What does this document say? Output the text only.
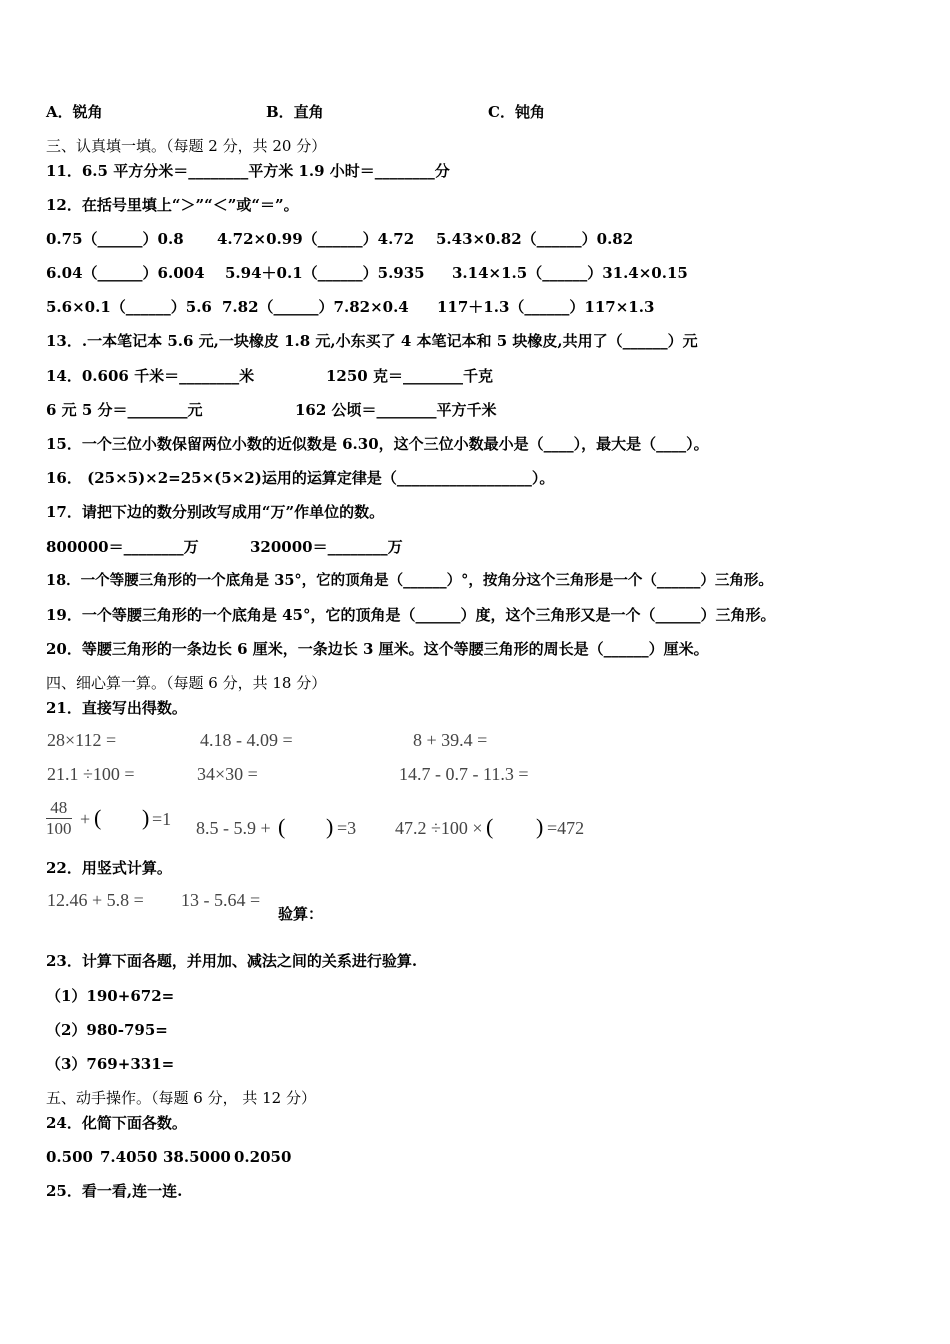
A．锐角	B．直角	C．钝角
三、认真填一填。（每题 2 分，共 20 分）
11．6.5 平方分米＝________平方米 1.9 小时＝________分
12．在括号里填上“＞”“＜”或“＝”。
0.75（______）0.8 4.72×0.99（______）4.72 5.43×0.82（______）0.82
6.04（______）6.004 5.94＋0.1（______）5.935 3.14×1.5（______）31.4×0.15
5.6×0.1（______）5.6 7.82（______）7.82×0.4 117＋1.3（______）117×1.3
13．.一本笔记本 5.6 元,一块橡皮 1.8 元,小东买了 4 本笔记本和 5 块橡皮,共用了（______）元
14．0.606 千米＝________米	1250 克＝________千克
6 元 5 分＝________元	162 公顷＝________平方千米
15．一个三位小数保留两位小数的近似数是 6.30，这个三位小数最小是（____），最大是（____）。
16． (25×5)×2=25×(5×2)运用的运算定律是（__________________）。
17．请把下边的数分别改写成用“万”作单位的数。
800000＝________万	320000＝________万
18．一个等腰三角形的一个底角是 35°，它的顶角是（______）°，按角分这个三角形是一个（______）三角形。
19．一个等腰三角形的一个底角是 45°，它的顶角是（______）度，这个三角形又是一个（______）三角形。
20．等腰三角形的一条边长 6 厘米，一条边长 3 厘米。这个等腰三角形的周长是（______）厘米。
四、细心算一算。（每题 6 分，共 18 分）
21．直接写出得数。
28×112 =	4.18 - 4.09 =	8 + 39.4 =
21.1 ÷100 =	34×30 =	14.7 - 0.7 - 11.3 =
$\frac{48}{100}$ + ( ) =1 8.5 - 5.9 + ( ) =3 47.2 ÷100 × ( ) =472
22．用竖式计算。
12.46 + 5.8 = 13 - 5.64 =
验算：
23．计算下面各题，并用加、减法之间的关系进行验算.
（1）190+672=
（2）980-795=
（3）769+331=
五、动手操作。（每题 6 分， 共 12 分）
24．化简下面各数。
0.500 7.4050 38.5000 0.2050
25．看一看,连一连.
